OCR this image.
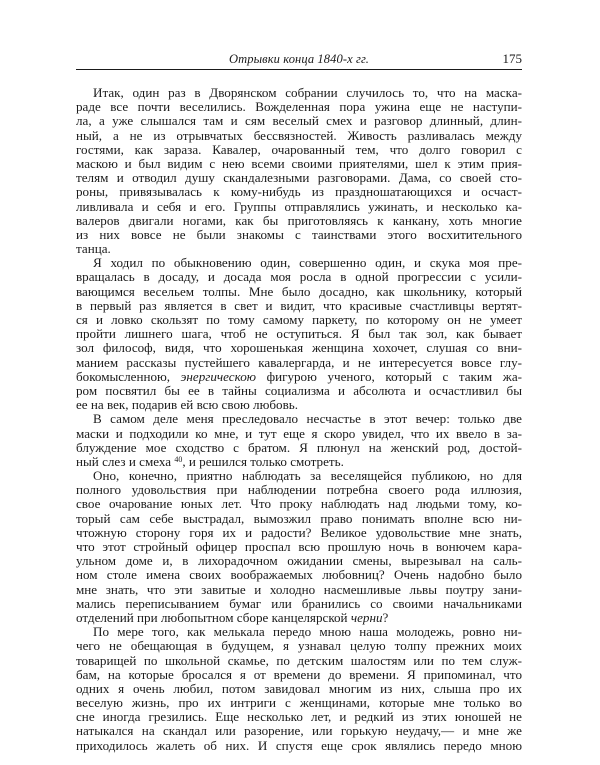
Отрывки конца 1840-х гг.	175
Итак, один раз в Дворянском собрании случилось то, что на маска-
раде все почти веселились. Вожделенная пора ужина еще не наступи-
ла, а уже слышался там и сям веселый смех и разговор длинный, длин-
ный, а не из отрывчатых бессвязностей. Живость разливалась между
гостями, как зараза. Кавалер, очарованный тем, что долго говорил с
маскою и был видим с нею всеми своими приятелями, шел к этим прия-
телям и отводил душу скандалезными разговорами. Дама, со своей сто-
роны, привязывалась к кому-нибудь из праздношатающихся и осчаст-
ливливала и себя и его. Группы отправлялись ужинать, и несколько ка-
валеров двигали ногами, как бы приготовляясь к канкану, хоть многие
из них вовсе не были знакомы с таинствами этого восхитительного
танца.
Я ходил по обыкновению один, совершенно один, и скука моя пре-
вращалась в досаду, и досада моя росла в одной прогрессии с усили-
вающимся весельем толпы. Мне было досадно, как школьнику, который
в первый раз является в свет и видит, что красивые счастливцы вертят-
ся и ловко скользят по тому самому паркету, по которому он не умеет
пройти лишнего шага, чтоб не оступиться. Я был так зол, как бывает
зол философ, видя, что хорошенькая женщина хохочет, слушая со вни-
манием рассказы пустейшего кавалергарда, и не интересуется вовсе глу-
бокомысленною, энергическою фигурою ученого, который с таким жа-
ром посвятил бы ее в тайны социализма и абсолюта и осчастливил бы
ее на век, подарив ей всю свою любовь.
В самом деле меня преследовало несчастье в этот вечер: только две
маски и подходили ко мне, и тут еще я скоро увидел, что их ввело в за-
блуждение мое сходство с братом. Я плюнул на женский род, достой-
ный слез и смеха $^{40}$, и решился только смотреть.
Оно, конечно, приятно наблюдать за веселящейся публикою, но для
полного удовольствия при наблюдении потребна своего рода иллюзия,
свое очарование юных лет. Что проку наблюдать над людьми тому, ко-
торый сам себе выстрадал, вымозжил право понимать вполне всю ни-
чтожную сторону горя их и радости? Великое удовольствие мне знать,
что этот стройный офицер проспал всю прошлую ночь в вонючем кара-
ульном доме и, в лихорадочном ожидании смены, вырезывал на саль-
ном столе имена своих воображаемых любовниц? Очень надобно было
мне знать, что эти завитые и холодно насмешливые львы поутру зани-
мались переписыванием бумаг или бранились со своими начальниками
отделений при любопытном сборе канцелярской черни?
По мере того, как мелькала передо мною наша молодежь, ровно ни-
чего не обещающая в будущем, я узнавал целую толпу прежних моих
товарищей по школьной скамье, по детским шалостям или по тем служ-
бам, на которые бросался я от времени до времени. Я припоминал, что
одних я очень любил, потом завидовал многим из них, слыша про их
веселую жизнь, про их интриги с женщинами, которые мне только во
сне иногда грезились. Еще несколько лет, и редкий из этих юношей не
натыкался на скандал или разорение, или горькую неудачу,— и мне же
приходилось жалеть об них. И спустя еще срок являлись передо мною
